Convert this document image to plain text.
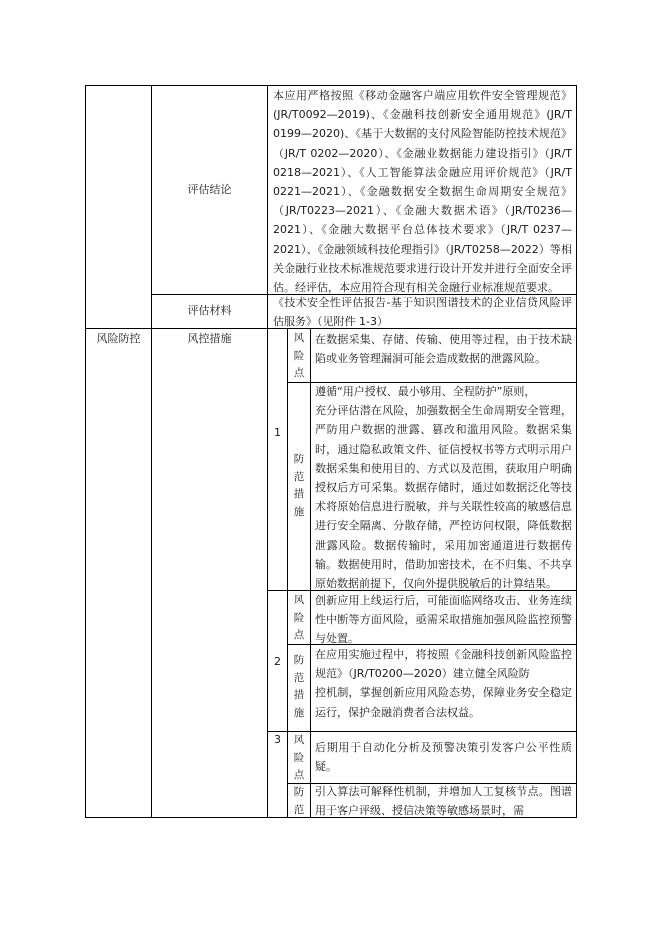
评估结论
本应用严格按照《移动金融客户端应用软件安全管理规范》(JR/T0092—2019)、《金融科技创新安全通用规范》(JR/T 0199—2020)、《基于大数据的支付风险智能防控技术规范》（JR/T 0202—2020）、《金融业数据能力建设指引》（JR/T 0218—2021）、《人工智能算法金融应用评价规范》（JR/T 0221—2021）、《金融数据安全数据生命周期安全规范》（JR/T0223—2021）、《金融大数据术语》（JR/T0236—2021）、《金融大数据平台总体技术要求》（JR/T 0237—2021）、《金融领域科技伦理指引》（JR/T0258—2022）等相关金融行业技术标准规范要求进行设计开发并进行全面安全评估。经评估，本应用符合现有相关金融行业标准规范要求。
评估材料
《技术安全性评估报告-基于知识图谱技术的企业信贷风险评估服务》（见附件 1-3）
风险防控	风控措施
1
风险点
在数据采集、存储、传输、使用等过程，由于技术缺陷或业务管理漏洞可能会造成数据的泄露风险。
防范措施

遵循“用户授权、最小够用、全程防护”原则，

充分评估潜在风险，加强数据全生命周期安全管理，严防用户数据的泄露、篡改和滥用风险。数据采集时，通过隐私政策文件、征信授权书等方式明示用户数据采集和使用目的、方式以及范围，获取用户明确授权后方可采集。数据存储时，通过如数据泛化等技术将原始信息进行脱敏，并与关联性较高的敏感信息进行安全隔离、分散存储，严控访问权限，降低数据泄露风险。数据传输时，采用加密通道进行数据传输。数据使用时，借助加密技术，在不归集、不共享原始数据前提下，仅向外提供脱敏后的计算结果。

2
风险点
创新应用上线运行后，可能面临网络攻击、业务连续性中断等方面风险，亟需采取措施加强风险监控预警与处置。
防范措施

在应用实施过程中，将按照《金融科技创新风险监控规范》（JR/T0200—2020）建立健全风险防

控机制，掌握创新应用风险态势，保障业务安全稳定运行，保护金融消费者合法权益。

3	风险点
后期用于自动化分析及预警决策引发客户公平性质疑。
防范

引入算法可解释性机制，并增加人工复核节点。图谱用于客户评级、授信决策等敏感场景时，需
